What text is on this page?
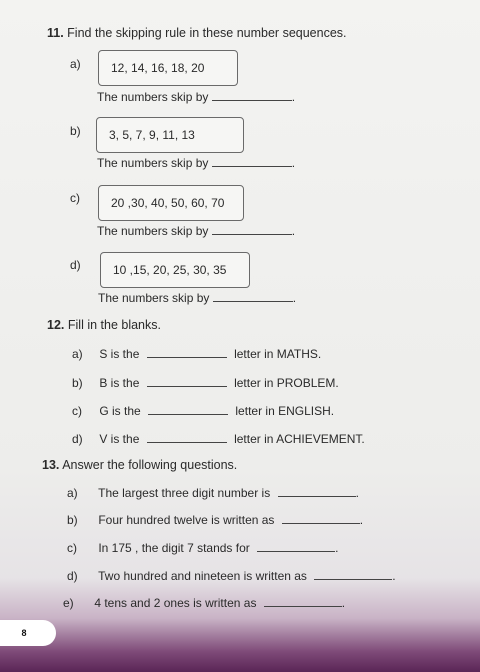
11. Find the skipping rule in these number sequences.
a)	12, 14, 16, 18, 20
The numbers skip by	.
b) 3, 5, 7, 9, 11, 13
The numbers skip by	.
c)	20 ,30, 40, 50, 60, 70
The numbers skip by	.
d)	10 ,15, 20, 25, 30, 35
The numbers skip by	.
12. Fill in the blanks.
a) S is the	letter in MATHS.
b) B is the	letter in PROBLEM.
c) G is the	letter in ENGLISH.
d) V is the	letter in ACHIEVEMENT.
13. Answer the following questions.
a) The largest three digit number is	.
b) Four hundred twelve is written as	.
c) In 175 , the digit 7 stands for	.
d) Two hundred and nineteen is written as	.
e) 4 tens and 2 ones is written as	.
8
